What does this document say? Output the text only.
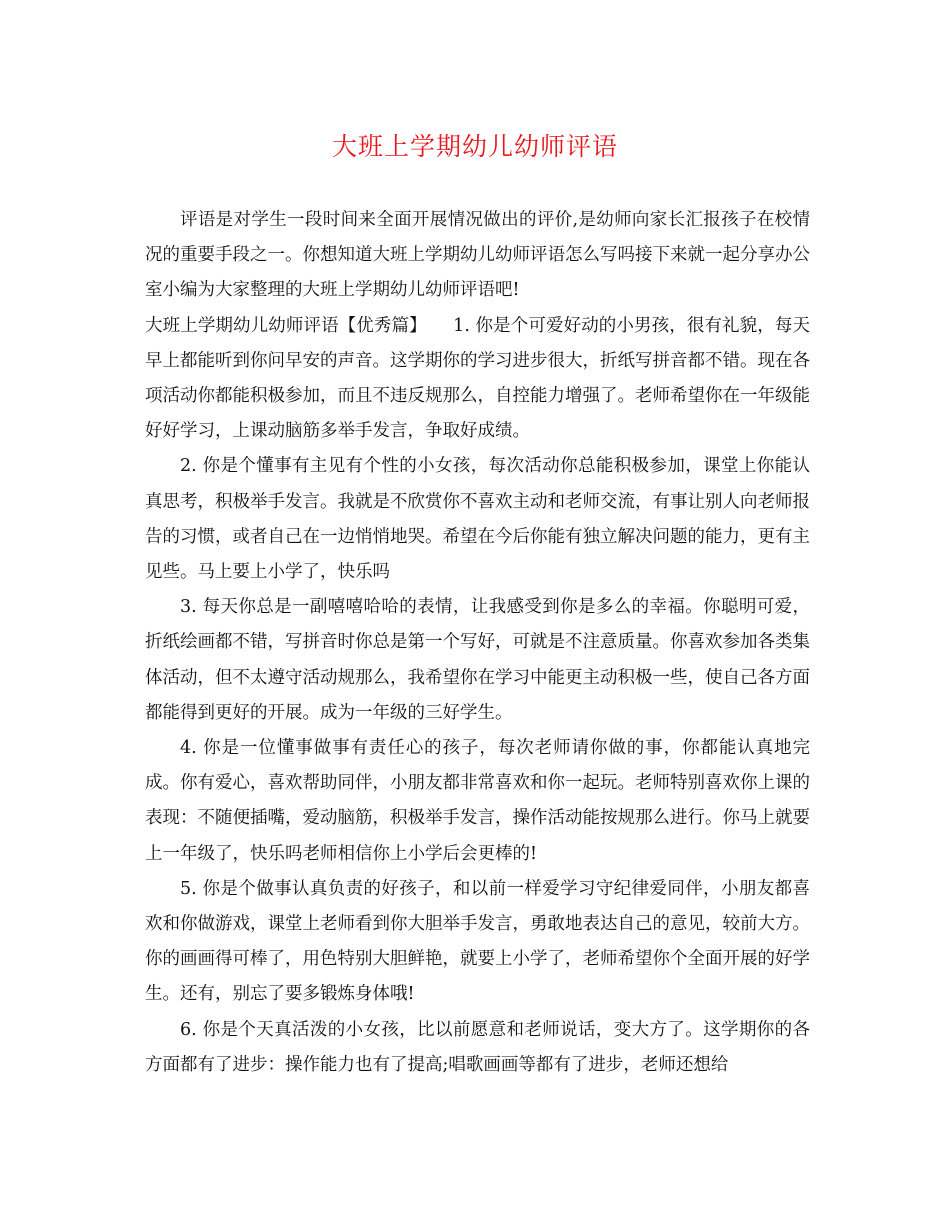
大班上学期幼儿幼师评语

评语是对学生一段时间来全面开展情况做出的评价,是幼师向家长汇报孩子在校情况的重要手段之一。你想知道大班上学期幼儿幼师评语怎么写吗接下来就一起分享办公室小编为大家整理的大班上学期幼儿幼师评语吧!

大班上学期幼儿幼师评语【优秀篇】　　1. 你是个可爱好动的小男孩，很有礼貌，每天早上都能听到你问早安的声音。这学期你的学习进步很大，折纸写拼音都不错。现在各项活动你都能积极参加，而且不违反规那么，自控能力增强了。老师希望你在一年级能好好学习，上课动脑筋多举手发言，争取好成绩。

2. 你是个懂事有主见有个性的小女孩，每次活动你总能积极参加，课堂上你能认真思考，积极举手发言。我就是不欣赏你不喜欢主动和老师交流，有事让别人向老师报告的习惯，或者自己在一边悄悄地哭。希望在今后你能有独立解决问题的能力，更有主见些。马上要上小学了，快乐吗

3. 每天你总是一副嘻嘻哈哈的表情，让我感受到你是多么的幸福。你聪明可爱，折纸绘画都不错，写拼音时你总是第一个写好，可就是不注意质量。你喜欢参加各类集体活动，但不太遵守活动规那么，我希望你在学习中能更主动积极一些，使自己各方面都能得到更好的开展。成为一年级的三好学生。

4. 你是一位懂事做事有责任心的孩子，每次老师请你做的事，你都能认真地完成。你有爱心，喜欢帮助同伴，小朋友都非常喜欢和你一起玩。老师特别喜欢你上课的表现：不随便插嘴，爱动脑筋，积极举手发言，操作活动能按规那么进行。你马上就要上一年级了，快乐吗老师相信你上小学后会更棒的!

5. 你是个做事认真负责的好孩子，和以前一样爱学习守纪律爱同伴，小朋友都喜欢和你做游戏，课堂上老师看到你大胆举手发言，勇敢地表达自己的意见，较前大方。你的画画得可棒了，用色特别大胆鲜艳，就要上小学了，老师希望你个全面开展的好学生。还有，别忘了要多锻炼身体哦!

6. 你是个天真活泼的小女孩，比以前愿意和老师说话，变大方了。这学期你的各方面都有了进步：操作能力也有了提高;唱歌画画等都有了进步，老师还想给
